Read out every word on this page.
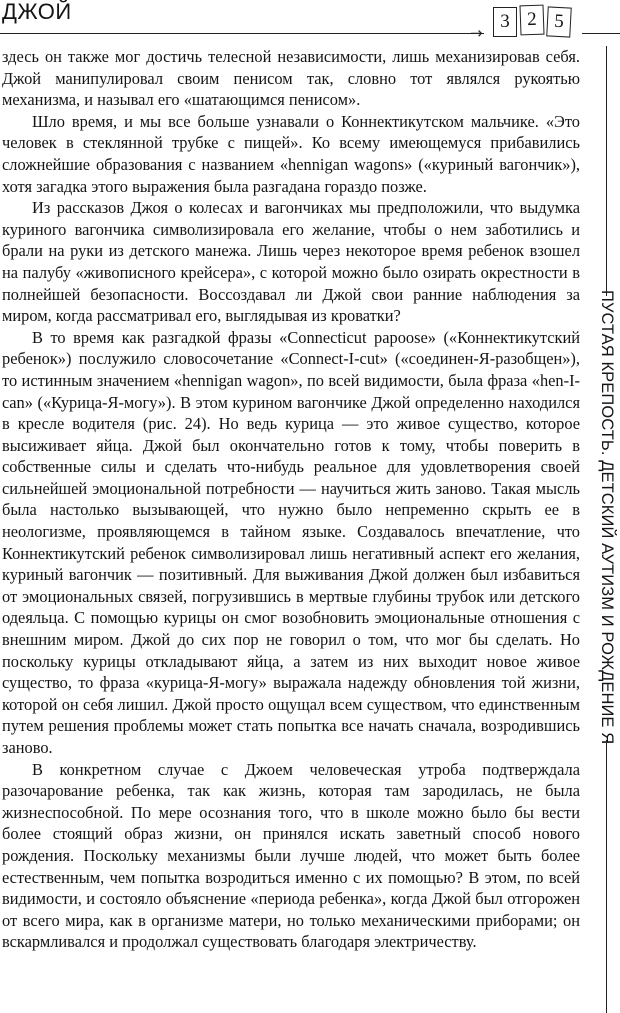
ДЖОЙ
→
3 2 5

здесь он также мог достичь телесной независимости, лишь механизировав себя. Джой манипулировал своим пенисом так, словно тот являлся рукоятью механизма, и называл его «шатающимся пенисом».

Шло время, и мы все больше узнавали о Коннектикутском мальчике. «Это человек в стеклянной трубке с пищей». Ко всему имеющемуся прибавились сложнейшие образования с названием «hennigan wagons» («куриный вагончик»), хотя загадка этого выражения была разгадана гораздо позже.

Из рассказов Джоя о колесах и вагончиках мы предположили, что выдумка куриного вагончика символизировала его желание, чтобы о нем заботились и брали на руки из детского манежа. Лишь через некоторое время ребенок взошел на палубу «живописного крейсера», с которой можно было озирать окрестности в полнейшей безопасности. Воссоздавал ли Джой свои ранние наблюдения за миром, когда рассматривал его, выглядывая из кроватки?

В то время как разгадкой фразы «Connecticut papoose» («Коннектикутский ребенок») послужило словосочетание «Connect-I-cut» («соединен-Я-разобщен»), то истинным значением «hennigan wagon», по всей видимости, была фраза «hen-I-can» («Курица-Я-могу»). В этом курином вагончике Джой определенно находился в кресле водителя (рис. 24). Но ведь курица — это живое существо, которое высиживает яйца. Джой был окончательно готов к тому, чтобы поверить в собственные силы и сделать что-нибудь реальное для удовлетворения своей сильнейшей эмоциональной потребности — научиться жить заново. Такая мысль была настолько вызывающей, что нужно было непременно скрыть ее в неологизме, проявляющемся в тайном языке. Создавалось впечатление, что Коннектикутский ребенок символизировал лишь негативный аспект его желания, куриный вагончик — позитивный. Для выживания Джой должен был избавиться от эмоциональных связей, погрузившись в мертвые глубины трубок или детского одеяльца. С помощью курицы он смог возобновить эмоциональные отношения с внешним миром. Джой до сих пор не говорил о том, что мог бы сделать. Но поскольку курицы откладывают яйца, а затем из них выходит новое живое существо, то фраза «курица-Я-могу» выражала надежду обновления той жизни, которой он себя лишил. Джой просто ощущал всем существом, что единственным путем решения проблемы может стать попытка все начать сначала, возродившись заново.

В конкретном случае с Джоем человеческая утроба подтверждала разочарование ребенка, так как жизнь, которая там зародилась, не была жизнеспособной. По мере осознания того, что в школе можно было бы вести более стоящий образ жизни, он принялся искать заветный способ нового рождения. Поскольку механизмы были лучше людей, что может быть более естественным, чем попытка возродиться именно с их помощью? В этом, по всей видимости, и состояло объяснение «периода ребенка», когда Джой был отгорожен от всего мира, как в организме матери, но только механическими приборами; он вскармливался и продолжал существовать благодаря электричеству.

ПУСТАЯ КРЕПОСТЬ. ДЕТСКИЙ АУТИЗМ И РОЖДЕНИЕ Я
